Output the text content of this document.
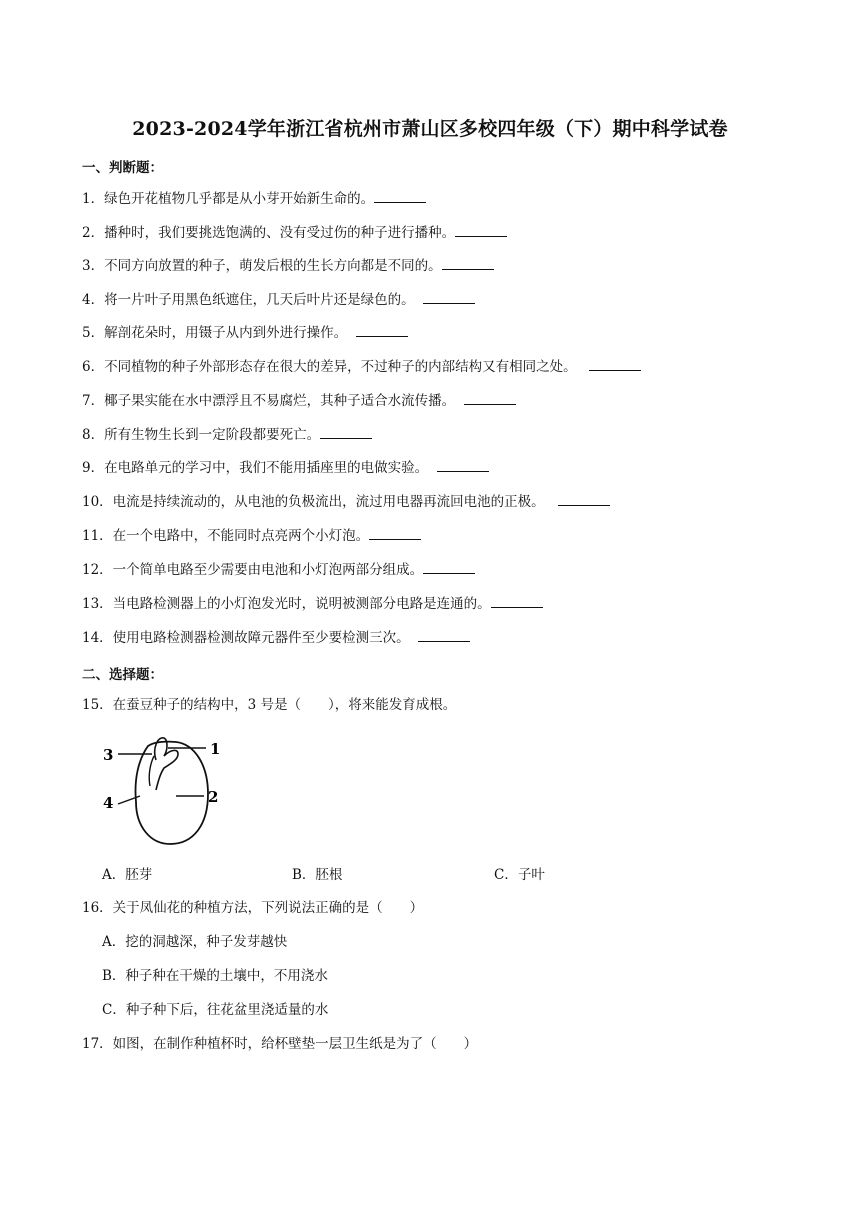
2023-2024学年浙江省杭州市萧山区多校四年级（下）期中科学试卷
一、判断题：
1．绿色开花植物几乎都是从小芽开始新生命的。
2．播种时，我们要挑选饱满的、没有受过伤的种子进行播种。
3．不同方向放置的种子，萌发后根的生长方向都是不同的。
4．将一片叶子用黑色纸遮住，几天后叶片还是绿色的。
5．解剖花朵时，用镊子从内到外进行操作。
6．不同植物的种子外部形态存在很大的差异，不过种子的内部结构又有相同之处。
7．椰子果实能在水中漂浮且不易腐烂，其种子适合水流传播。
8．所有生物生长到一定阶段都要死亡。
9．在电路单元的学习中，我们不能用插座里的电做实验。
10．电流是持续流动的，从电池的负极流出，流过用电器再流回电池的正极。
11．在一个电路中，不能同时点亮两个小灯泡。
12．一个简单电路至少需要由电池和小灯泡两部分组成。
13．当电路检测器上的小灯泡发光时，说明被测部分电路是连通的。
14．使用电路检测器检测故障元器件至少要检测三次。
二、选择题：
15．在蚕豆种子的结构中，3 号是（　　），将来能发育成根。
3	1
2
4
A．胚芽	B．胚根	C．子叶
16．关于凤仙花的种植方法，下列说法正确的是（　　）
A．挖的洞越深，种子发芽越快
B．种子种在干燥的土壤中，不用浇水
C．种子种下后，往花盆里浇适量的水
17．如图，在制作种植杯时，给杯壁垫一层卫生纸是为了（　　）
